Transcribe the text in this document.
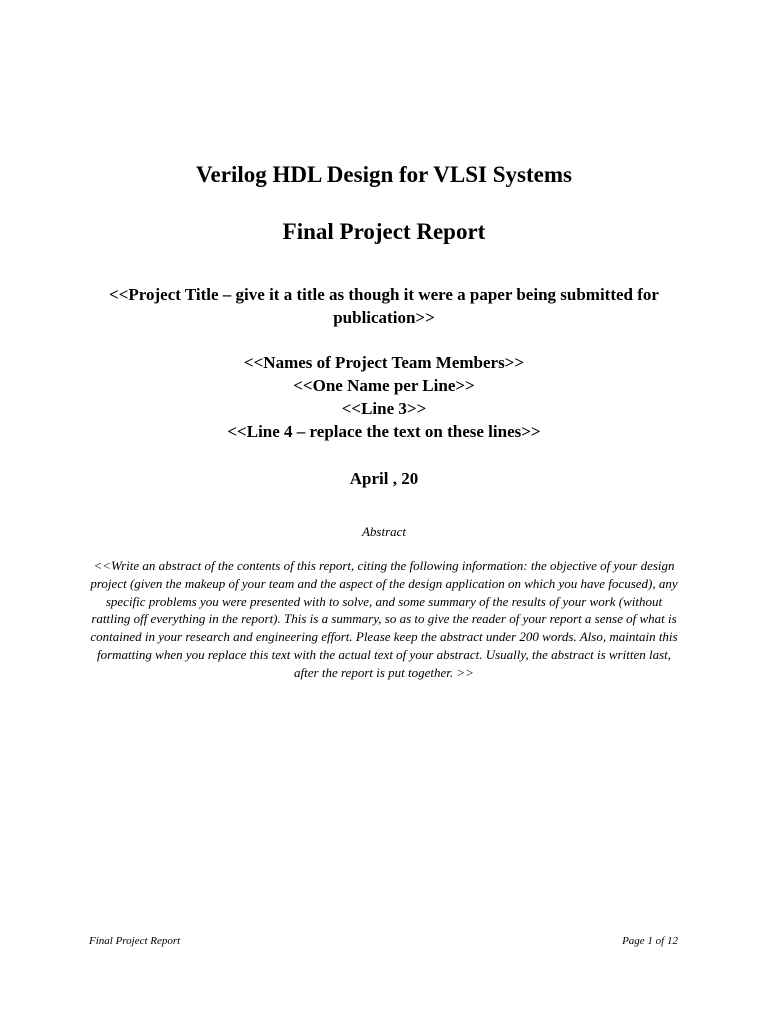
Verilog HDL Design for VLSI Systems
Final Project Report
<<Project Title – give it a title as though it were a paper being submitted for publication>>
<<Names of Project Team Members>>
<<One Name per Line>>
<<Line 3>>
<<Line 4 – replace the text on these lines>>
April , 20
Abstract
<<Write an abstract of the contents of this report, citing the following information: the objective of your design project (given the makeup of your team and the aspect of the design application on which you have focused), any specific problems you were presented with to solve, and some summary of the results of your work (without rattling off everything in the report). This is a summary, so as to give the reader of your report a sense of what is contained in your research and engineering effort. Please keep the abstract under 200 words. Also, maintain this formatting when you replace this text with the actual text of your abstract. Usually, the abstract is written last, after the report is put together. >>
Final Project Report	Page 1 of 12
